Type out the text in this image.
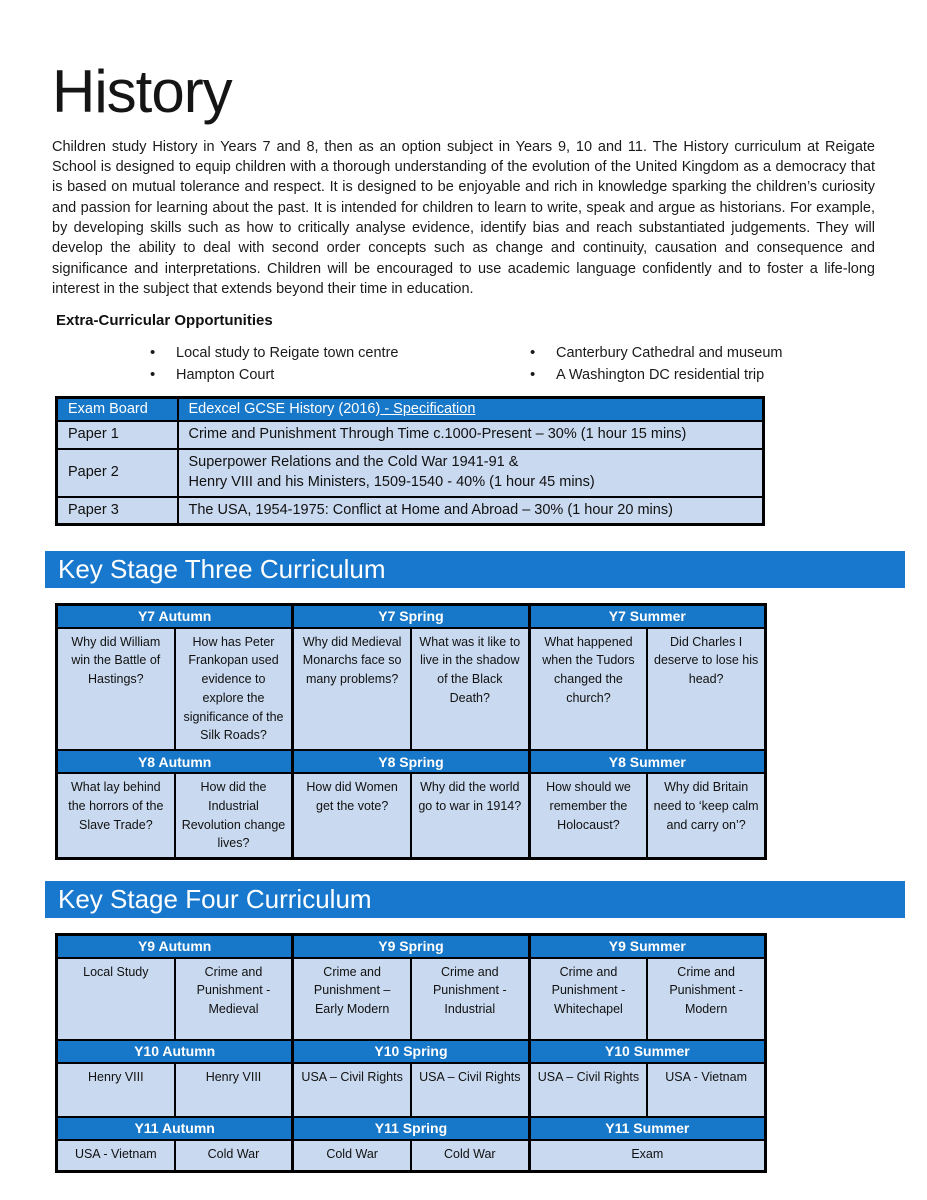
History

Children study History in Years 7 and 8, then as an option subject in Years 9, 10 and 11. The History curriculum at Reigate School is designed to equip children with a thorough understanding of the evolution of the United Kingdom as a democracy that is based on mutual tolerance and respect. It is designed to be enjoyable and rich in knowledge sparking the children’s curiosity and passion for learning about the past. It is intended for children to learn to write, speak and argue as historians. For example, by developing skills such as how to critically analyse evidence, identify bias and reach substantiated judgements. They will develop the ability to deal with second order concepts such as change and continuity, causation and consequence and significance and interpretations. Children will be encouraged to use academic language confidently and to foster a life-long interest in the subject that extends beyond their time in education.

Extra-Curricular Opportunities
• Local study to Reigate town centre
• Hampton Court
• Canterbury Cathedral and museum
• A Washington DC residential trip
Exam Board	Edexcel GCSE History (2016) - Specification
Paper 1	Crime and Punishment Through Time c.1000-Present – 30% (1 hour 15 mins)

Paper 2	Superpower Relations and the Cold War 1941-91 &
Henry VIII and his Ministers, 1509-1540 - 40% (1 hour 45 mins)

Paper 3	The USA, 1954-1975: Conflict at Home and Abroad – 30% (1 hour 20 mins)
Key Stage Three Curriculum
Y7 Autumn		Y7 Spring		Y7 Summer	
Why did William win the Battle of Hastings?	How has Peter Frankopan used evidence to explore the significance of the Silk Roads?	Why did Medieval Monarchs face so many problems?	What was it like to live in the shadow of the Black Death?	What happened when the Tudors changed the church?	Did Charles I deserve to lose his head?
Y8 Autumn		Y8 Spring		Y8 Summer	
What lay behind the horrors of the Slave Trade?	How did the Industrial Revolution change lives?	How did Women get the vote?	Why did the world go to war in 1914?	How should we remember the Holocaust?	Why did Britain need to ‘keep calm and carry on’?
Key Stage Four Curriculum
Y9 Autumn		Y9 Spring		Y9 Summer	
Local Study	Crime and Punishment - Medieval	Crime and Punishment – Early Modern	Crime and Punishment - Industrial	Crime and Punishment - Whitechapel	Crime and Punishment - Modern
Y10 Autumn		Y10 Spring		Y10 Summer	
Henry VIII	Henry VIII	USA – Civil Rights	USA – Civil Rights	USA – Civil Rights	USA - Vietnam
Y11 Autumn		Y11 Spring		Y11 Summer	
USA - Vietnam	Cold War	Cold War	Cold War	Exam	
